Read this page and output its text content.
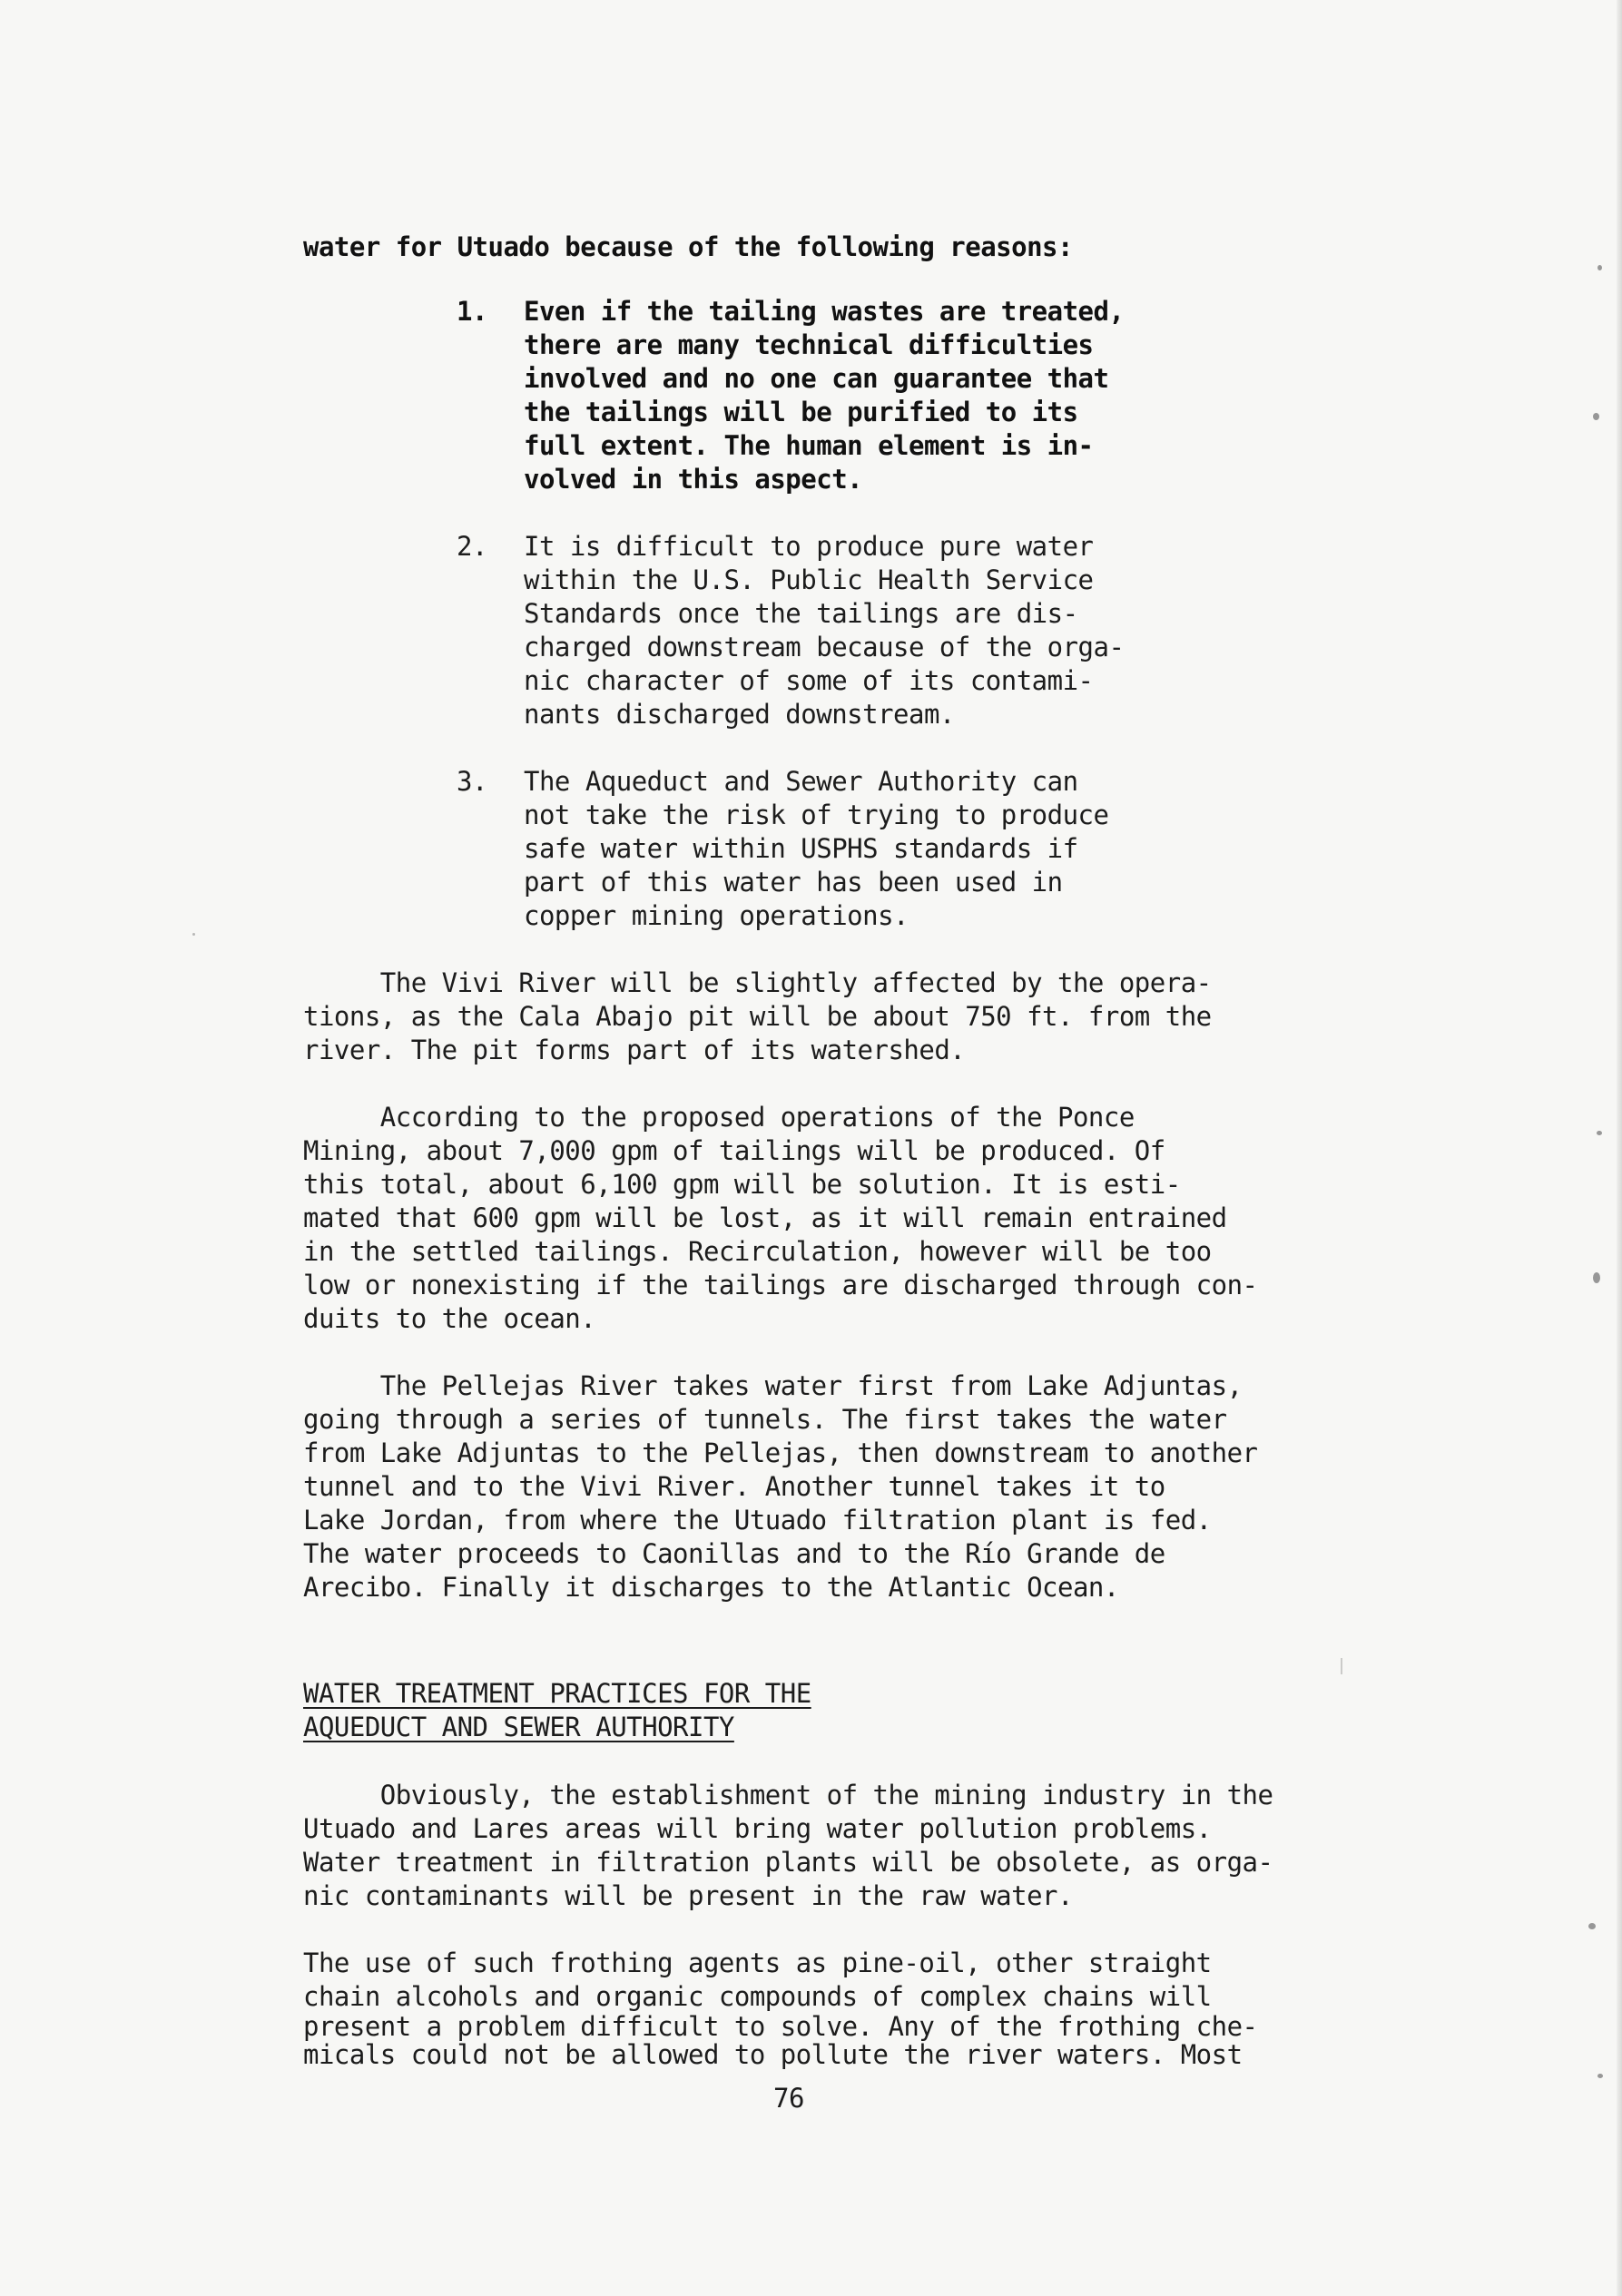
water for Utuado because of the following reasons:
1. Even if the tailing wastes are treated,
there are many technical difficulties
involved and no one can guarantee that
the tailings will be purified to its
full extent. The human element is in-
volved in this aspect.
2. It is difficult to produce pure water
within the U.S. Public Health Service
Standards once the tailings are dis-
charged downstream because of the orga-
nic character of some of its contami-
nants discharged downstream.
3. The Aqueduct and Sewer Authority can
not take the risk of trying to produce
safe water within USPHS standards if
part of this water has been used in
copper mining operations.
The Vivi River will be slightly affected by the opera-
tions, as the Cala Abajo pit will be about 750 ft. from the
river. The pit forms part of its watershed.
According to the proposed operations of the Ponce
Mining, about 7,000 gpm of tailings will be produced. Of
this total, about 6,100 gpm will be solution. It is esti-
mated that 600 gpm will be lost, as it will remain entrained
in the settled tailings. Recirculation, however will be too
low or nonexisting if the tailings are discharged through con-
duits to the ocean.
The Pellejas River takes water first from Lake Adjuntas,
going through a series of tunnels. The first takes the water
from Lake Adjuntas to the Pellejas, then downstream to another
tunnel and to the Vivi River. Another tunnel takes it to
Lake Jordan, from where the Utuado filtration plant is fed.
The water proceeds to Caonillas and to the Río Grande de
Arecibo. Finally it discharges to the Atlantic Ocean.
WATER TREATMENT PRACTICES FOR THE
AQUEDUCT AND SEWER AUTHORITY
Obviously, the establishment of the mining industry in the
Utuado and Lares areas will bring water pollution problems.
Water treatment in filtration plants will be obsolete, as orga-
nic contaminants will be present in the raw water.
The use of such frothing agents as pine-oil, other straight
chain alcohols and organic compounds of complex chains will
present a problem difficult to solve. Any of the frothing che-
micals could not be allowed to pollute the river waters. Most
76
